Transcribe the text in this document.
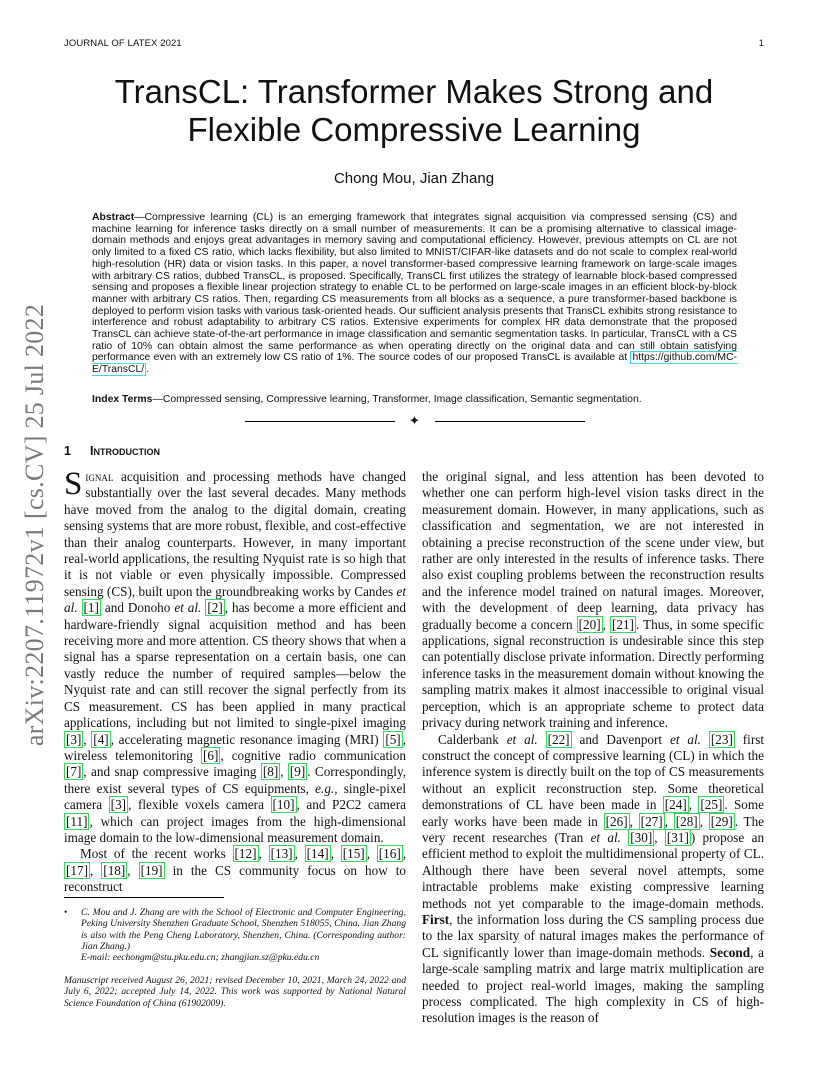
JOURNAL OF LATEX 2021	1
arXiv:2207.11972v1 [cs.CV] 25 Jul 2022
TransCL: Transformer Makes Strong and Flexible Compressive Learning
Chong Mou, Jian Zhang
Abstract—Compressive learning (CL) is an emerging framework that integrates signal acquisition via compressed sensing (CS) and machine learning for inference tasks directly on a small number of measurements. It can be a promising alternative to classical image-domain methods and enjoys great advantages in memory saving and computational efficiency. However, previous attempts on CL are not only limited to a fixed CS ratio, which lacks flexibility, but also limited to MNIST/CIFAR-like datasets and do not scale to complex real-world high-resolution (HR) data or vision tasks. In this paper, a novel transformer-based compressive learning framework on large-scale images with arbitrary CS ratios, dubbed TransCL, is proposed. Specifically, TransCL first utilizes the strategy of learnable block-based compressed sensing and proposes a flexible linear projection strategy to enable CL to be performed on large-scale images in an efficient block-by-block manner with arbitrary CS ratios. Then, regarding CS measurements from all blocks as a sequence, a pure transformer-based backbone is deployed to perform vision tasks with various task-oriented heads. Our sufficient analysis presents that TransCL exhibits strong resistance to interference and robust adaptability to arbitrary CS ratios. Extensive experiments for complex HR data demonstrate that the proposed TransCL can achieve state-of-the-art performance in image classification and semantic segmentation tasks. In particular, TransCL with a CS ratio of 10% can obtain almost the same performance as when operating directly on the original data and can still obtain satisfying performance even with an extremely low CS ratio of 1%. The source codes of our proposed TransCL is available at https://github.com/MC-E/TransCL/ .
Index Terms—Compressed sensing, Compressive learning, Transformer, Image classification, Semantic segmentation.
✦
1 Introduction

Signal acquisition and processing methods have changed substantially over the last several decades. Many methods have moved from the analog to the digital domain, creating sensing systems that are more robust, flexible, and cost-effective than their analog counterparts. However, in many important real-world applications, the resulting Nyquist rate is so high that it is not viable or even physically impossible. Compressed sensing (CS), built upon the groundbreaking works by Candes et al. [1] and Donoho et al. [2] , has become a more efficient and hardware-friendly signal acquisition method and has been receiving more and more attention. CS theory shows that when a signal has a sparse representation on a certain basis, one can vastly reduce the number of required samples—below the Nyquist rate and can still recover the signal perfectly from its CS measurement. CS has been applied in many practical applications, including but not limited to single-pixel imaging [3] , [4] , accelerating magnetic resonance imaging (MRI) [5] , wireless telemonitoring [6] , cognitive radio communication [7] , and snap compressive imaging [8] , [9] . Correspondingly, there exist several types of CS equipments, e.g., single-pixel camera [3] , flexible voxels camera [10] , and P2C2 camera [11] , which can project images from the high-dimensional image domain to the low-dimensional measurement domain.

Most of the recent works [12] , [13] , [14] , [15] , [16] , [17] , [18] , [19] in the CS community focus on how to reconstruct

•	C. Mou and J. Zhang are with the School of Electronic and Computer Engineering, Peking University Shenzhen Graduate School, Shenzhen 518055, China. Jian Zhang is also with the Peng Cheng Laboratory, Shenzhen, China. (Corresponding author: Jian Zhang.)
E-mail: eechongm@stu.pku.edu.cn; zhangjian.sz@pku.edu.cn
Manuscript received August 26, 2021; revised December 10, 2021, March 24, 2022 and July 6, 2022; accepted July 14, 2022. This work was supported by National Natural Science Foundation of China (61902009).

the original signal, and less attention has been devoted to whether one can perform high-level vision tasks direct in the measurement domain. However, in many applications, such as classification and segmentation, we are not interested in obtaining a precise reconstruction of the scene under view, but rather are only interested in the results of inference tasks. There also exist coupling problems between the reconstruction results and the inference model trained on natural images. Moreover, with the development of deep learning, data privacy has gradually become a concern [20] , [21] . Thus, in some specific applications, signal reconstruction is undesirable since this step can potentially disclose private information. Directly performing inference tasks in the measurement domain without knowing the sampling matrix makes it almost inaccessible to original visual perception, which is an appropriate scheme to protect data privacy during network training and inference.

Calderbank et al. [22] and Davenport et al. [23] first construct the concept of compressive learning (CL) in which the inference system is directly built on the top of CS measurements without an explicit reconstruction step. Some theoretical demonstrations of CL have been made in [24] , [25] . Some early works have been made in [26] , [27] , [28] , [29] . The very recent researches (Tran et al. [30] , [31] ) propose an efficient method to exploit the multidimensional property of CL. Although there have been several novel attempts, some intractable problems make existing compressive learning methods not yet comparable to the image-domain methods. First, the information loss during the CS sampling process due to the lax sparsity of natural images makes the performance of CL significantly lower than image-domain methods. Second, a large-scale sampling matrix and large matrix multiplication are needed to project real-world images, making the sampling process complicated. The high complexity in CS of high-resolution images is the reason of
